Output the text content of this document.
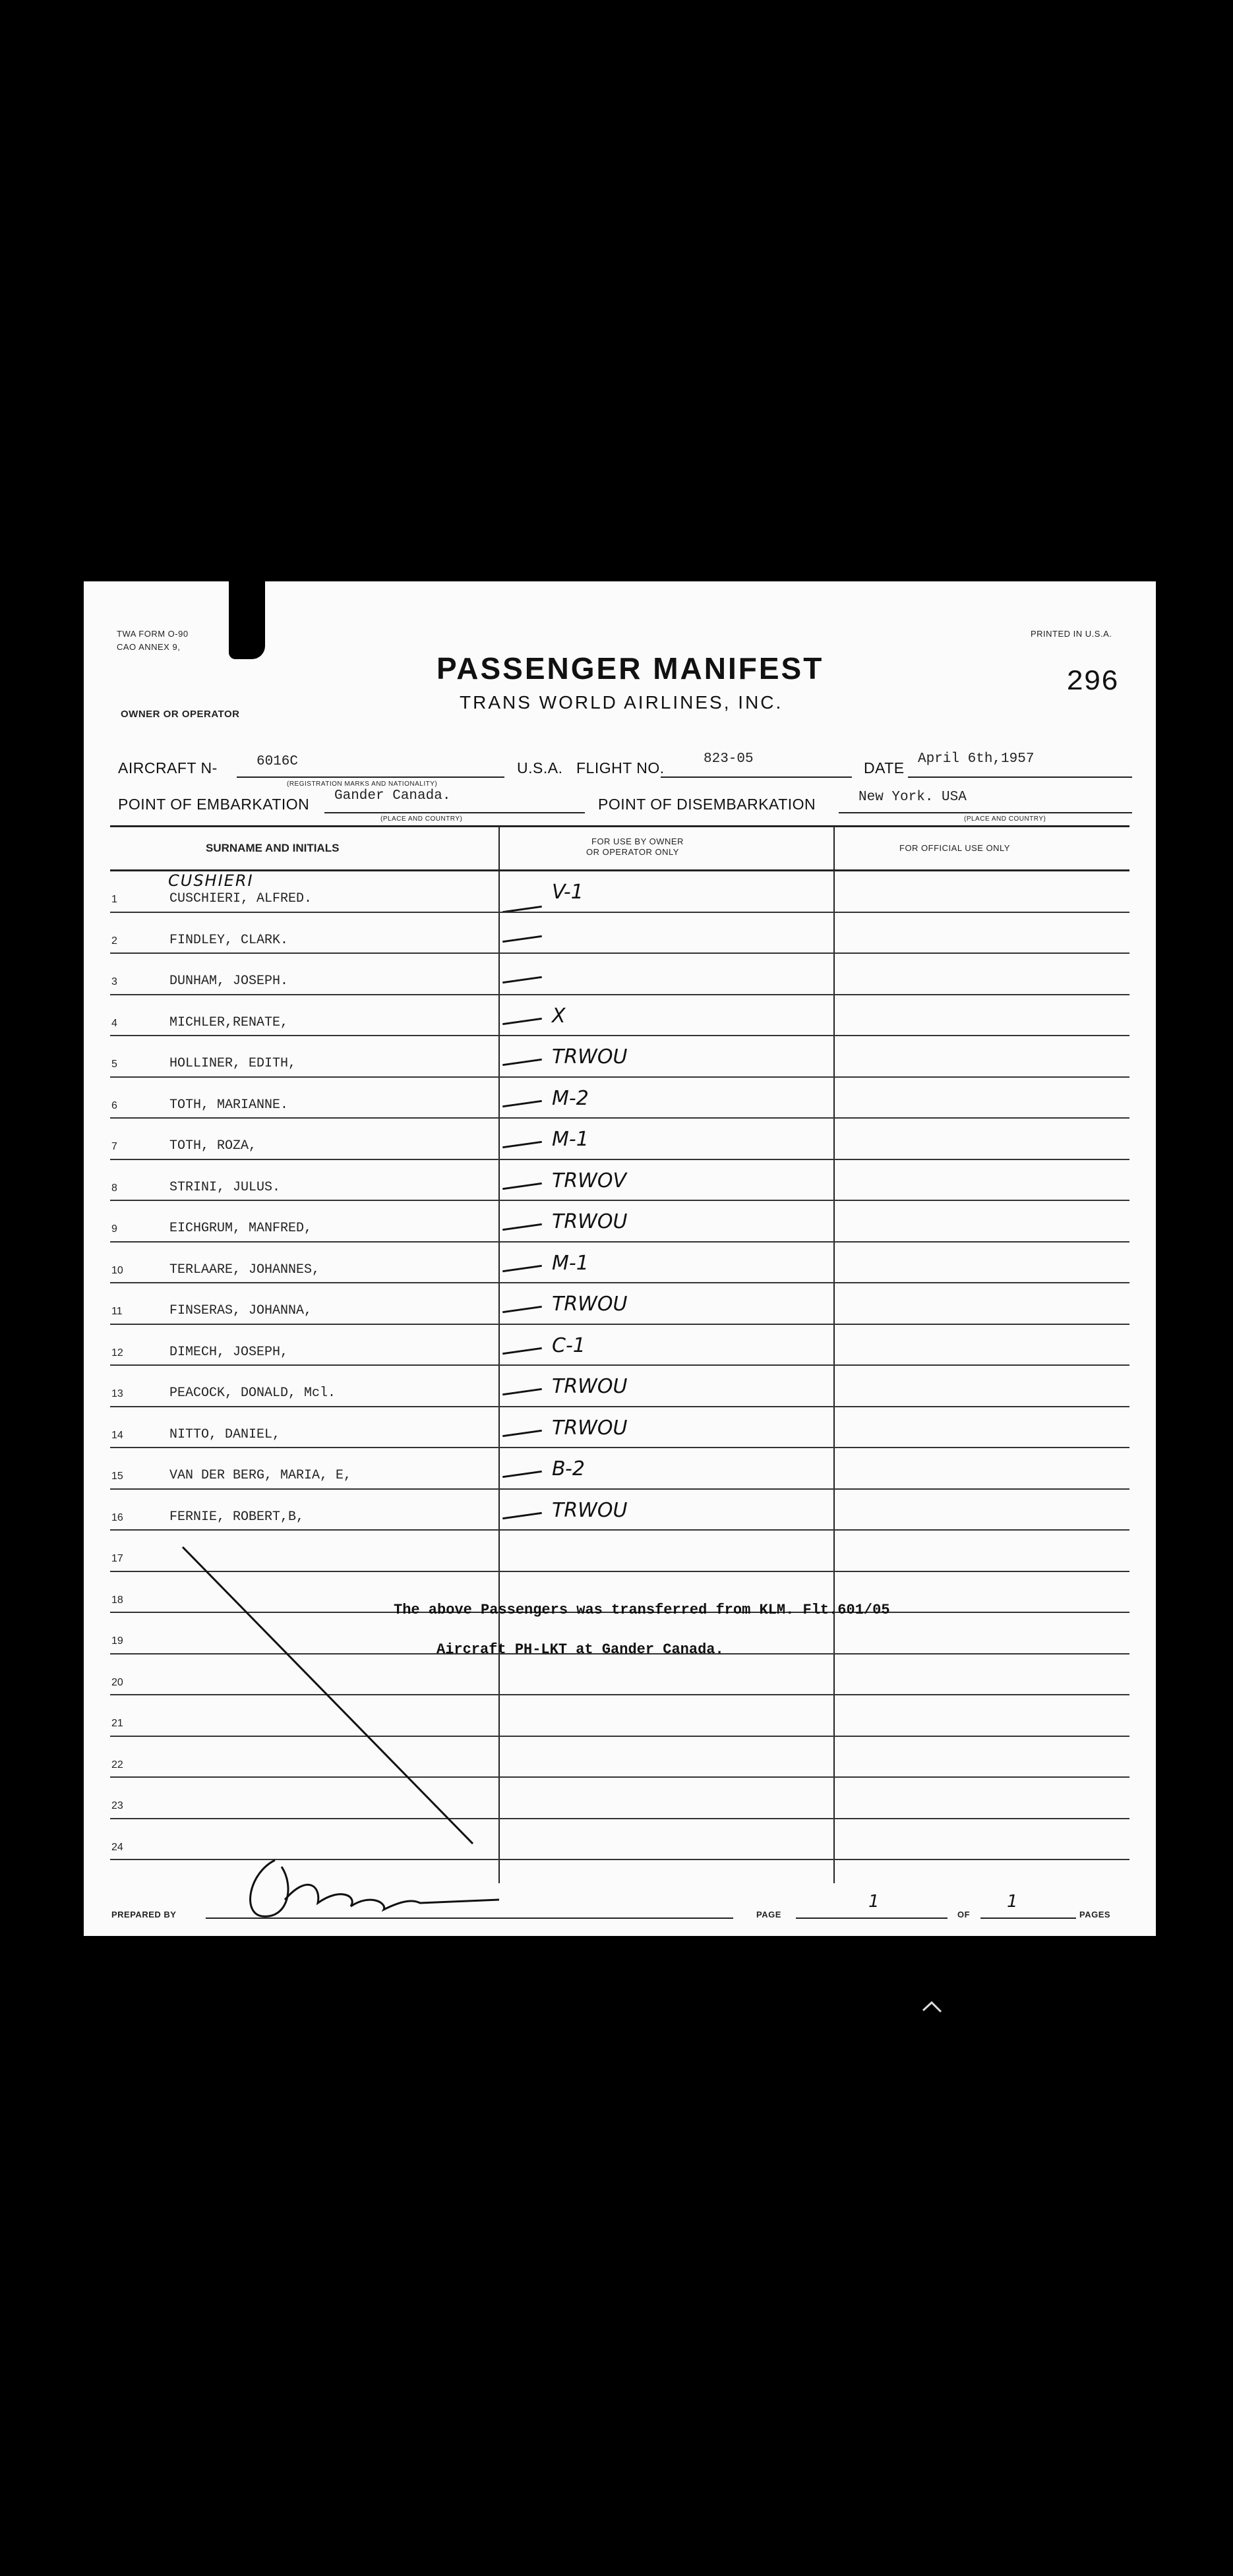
TWA FORM O-90
CAO ANNEX 9,
PRINTED IN U.S.A.
296
PASSENGER MANIFEST
TRANS WORLD AIRLINES, INC.
OWNER OR OPERATOR
AIRCRAFT N-	6016C
(REGISTRATION MARKS AND NATIONALITY)
U.S.A. FLIGHT NO.
823-05
DATE
April 6th,1957
POINT OF EMBARKATION Gander Canada.
(PLACE AND COUNTRY)
POINT OF DISEMBARKATION	New York. USA
(PLACE AND COUNTRY)
SURNAME AND INITIALS
FOR USE BY OWNER
OR OPERATOR ONLY	FOR OFFICIAL USE ONLY
1	CUSCHIERI, ALFRED.	V-1
2	FINDLEY, CLARK.
3	DUNHAM, JOSEPH.
4	MICHLER,RENATE,	X
5	HOLLINER, EDITH,	TRWOU
6	TOTH, MARIANNE.	M-2
7	TOTH, ROZA,	M-1
8	STRINI, JULUS.	TRWOV
9	EICHGRUM, MANFRED,	TRWOU
10	TERLAARE, JOHANNES,	M-1
11	FINSERAS, JOHANNA,	TRWOU
12	DIMECH, JOSEPH,	C-1
13	PEACOCK, DONALD, Mcl.	TRWOU
14	NITTO, DANIEL,	TRWOU
15	VAN DER BERG, MARIA, E,	B-2
16	FERNIE, ROBERT,B,	TRWOU
17
18
19
20
21
22
23
24
CUSHIERI
The above Passengers was transferred from KLM. Flt.601/05
Aircraft PH-LKT at Gander Canada.
PREPARED BY	PAGE
1
OF
1
PAGES
